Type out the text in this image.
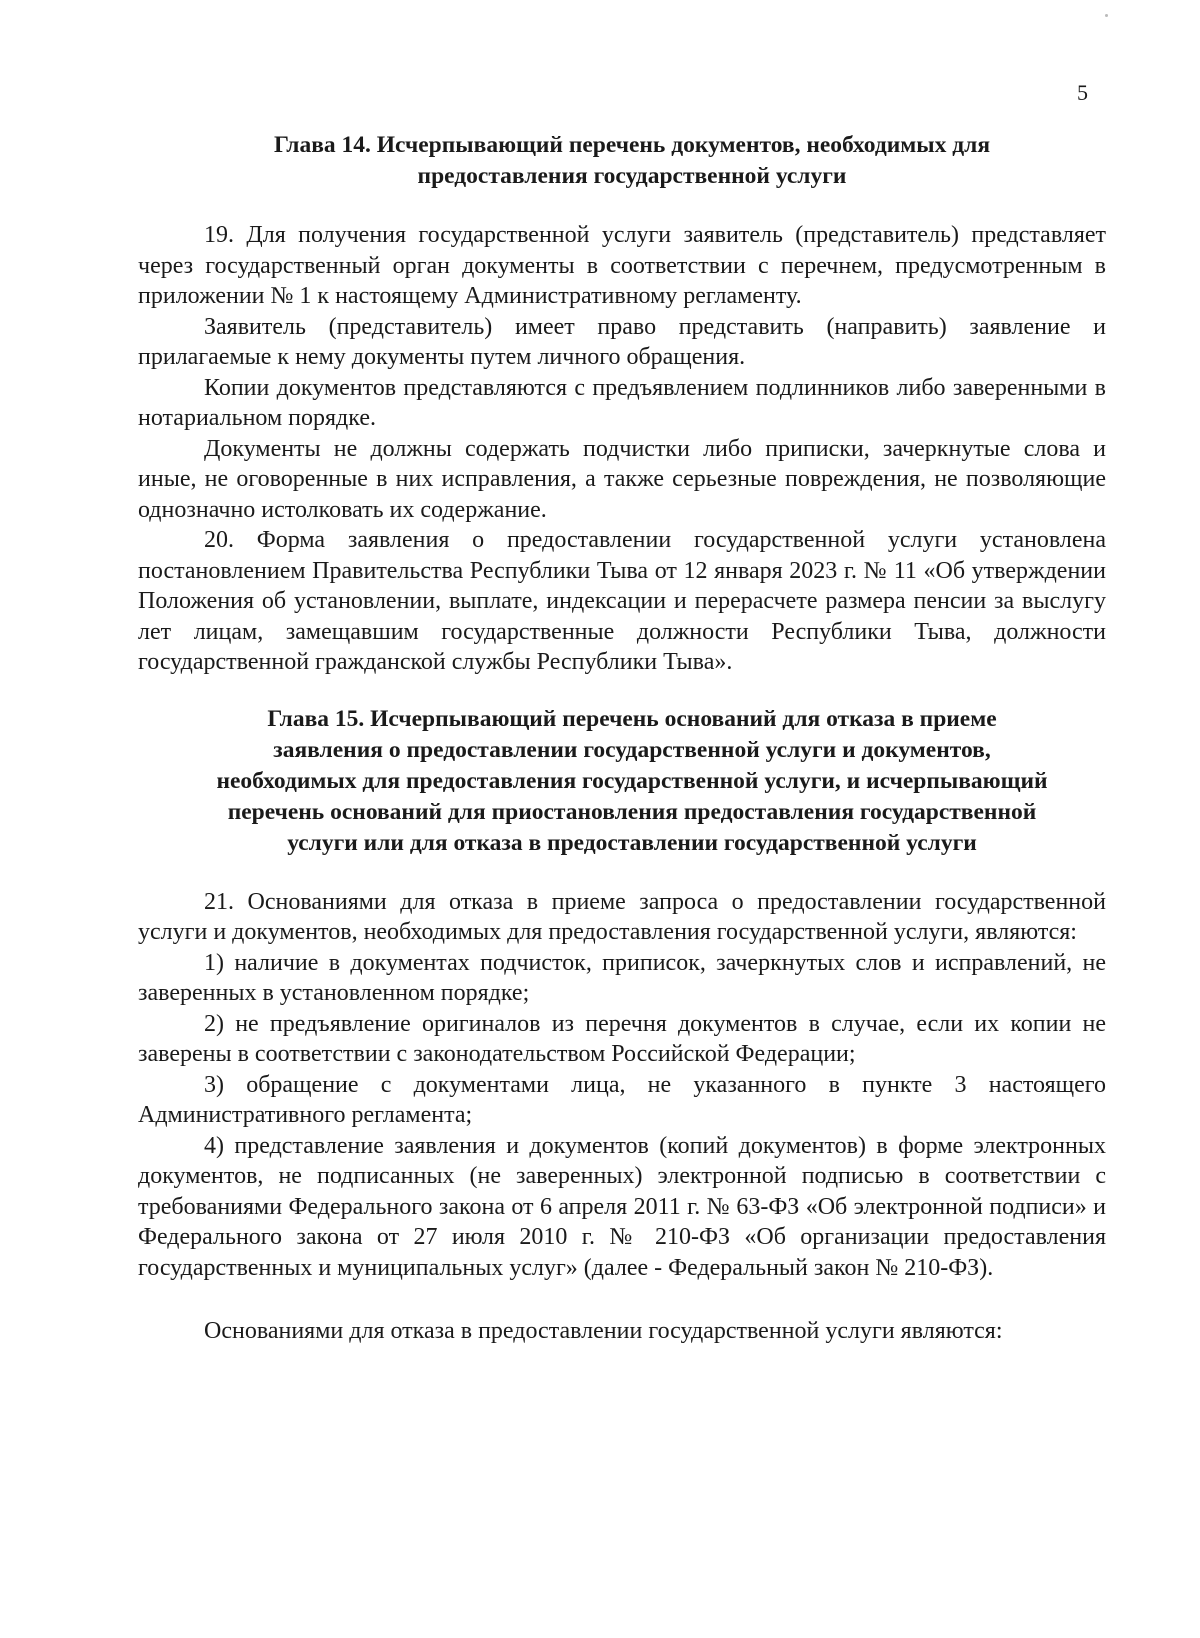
5
Глава 14. Исчерпывающий перечень документов, необходимых для
предоставления государственной услуги

19. Для получения государственной услуги заявитель (представитель) представляет через государственный орган документы в соответствии с перечнем, предусмотренным в приложении № 1 к настоящему Административному регламенту.

Заявитель (представитель) имеет право представить (направить) заявление и прилагаемые к нему документы путем личного обращения.

Копии документов представляются с предъявлением подлинников либо заверенными в нотариальном порядке.

Документы не должны содержать подчистки либо приписки, зачеркнутые слова и иные, не оговоренные в них исправления, а также серьезные повреждения, не позволяющие однозначно истолковать их содержание.

20. Форма заявления о предоставлении государственной услуги установлена постановлением Правительства Республики Тыва от 12 января 2023 г. № 11 «Об утверждении Положения об установлении, выплате, индексации и перерасчете размера пенсии за выслугу лет лицам, замещавшим государственные должности Республики Тыва, должности государственной гражданской службы Республики Тыва».

Глава 15. Исчерпывающий перечень оснований для отказа в приеме
заявления о предоставлении государственной услуги и документов,
необходимых для предоставления государственной услуги, и исчерпывающий
перечень оснований для приостановления предоставления государственной
услуги или для отказа в предоставлении государственной услуги

21. Основаниями для отказа в приеме запроса о предоставлении государственной услуги и документов, необходимых для предоставления государственной услуги, являются:

1) наличие в документах подчисток, приписок, зачеркнутых слов и исправлений, не заверенных в установленном порядке;

2) не предъявление оригиналов из перечня документов в случае, если их копии не заверены в соответствии с законодательством Российской Федерации;

3) обращение с документами лица, не указанного в пункте 3 настоящего Административного регламента;

4) представление заявления и документов (копий документов) в форме электронных документов, не подписанных (не заверенных) электронной подписью в соответствии с требованиями Федерального закона от 6 апреля 2011 г. № 63-ФЗ «Об электронной подписи» и Федерального закона от 27 июля 2010 г. № 210-ФЗ «Об организации предоставления государственных и муниципальных услуг» (далее - Федеральный закон № 210-ФЗ).

Основаниями для отказа в предоставлении государственной услуги являются:
